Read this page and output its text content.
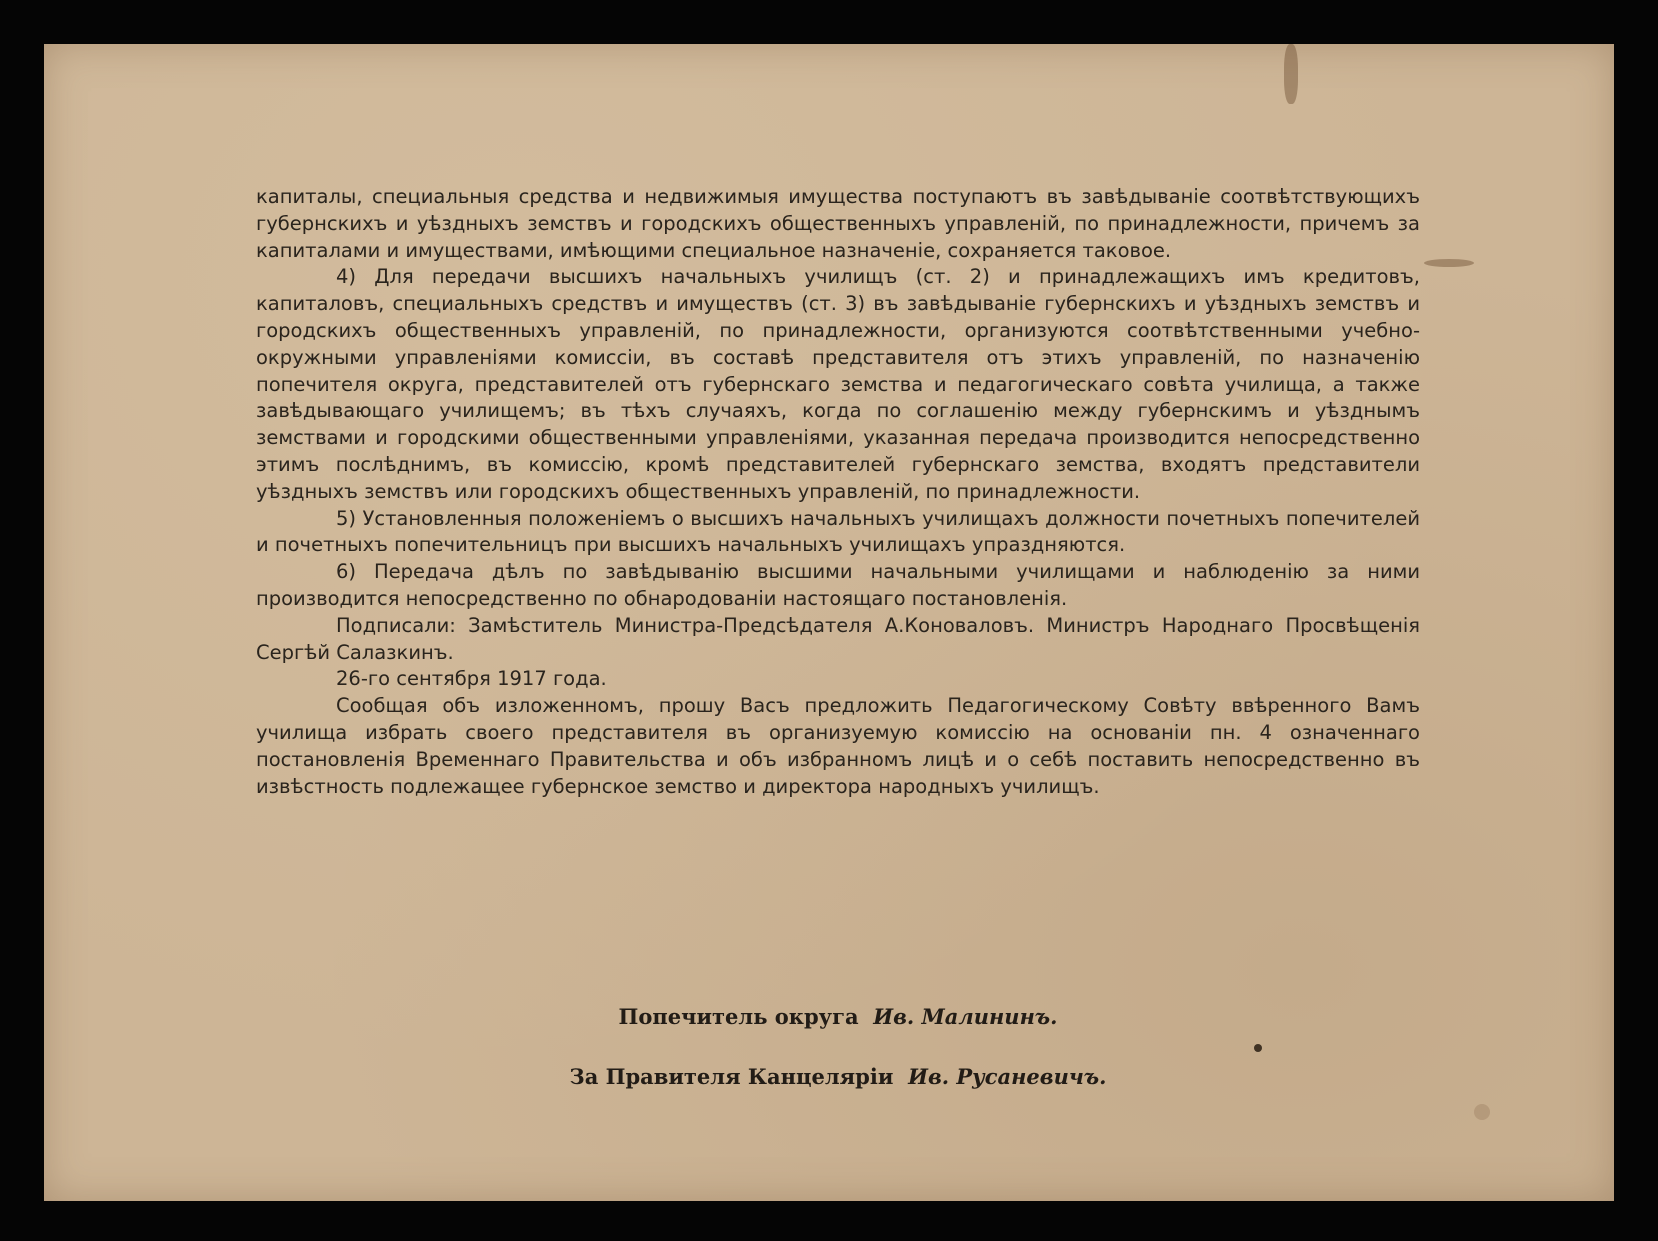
капиталы, специальныя средства и недвижимыя имущества поступаютъ въ завѣдываніе соотвѣтствующихъ губернскихъ и уѣздныхъ земствъ и городскихъ общественныхъ управленій, по принадлежности, причемъ за капиталами и имуществами, имѣющими специальное назначеніе, сохраняется таковое.

4) Для передачи высшихъ начальныхъ училищъ (ст. 2) и принадлежащихъ имъ кредитовъ, капиталовъ, специальныхъ средствъ и имуществъ (ст. 3) въ завѣдываніе губернскихъ и уѣздныхъ земствъ и городскихъ общественныхъ управленій, по принадлежности, организуются соотвѣтственными учебно-окружными управленіями комиссіи, въ составѣ представителя отъ этихъ управленій, по назначенію попечителя округа, представителей отъ губернскаго земства и педагогическаго совѣта училища, а также завѣдывающаго училищемъ; въ тѣхъ случаяхъ, когда по соглашенію между губернскимъ и уѣзднымъ земствами и городскими общественными управленіями, указанная передача производится непосредственно этимъ послѣднимъ, въ комиссію, кромѣ представителей губернскаго земства, входятъ представители уѣздныхъ земствъ или городскихъ общественныхъ управленій, по принадлежности.

5) Установленныя положеніемъ о высшихъ начальныхъ училищахъ должности почетныхъ попечителей и почетныхъ попечительницъ при высшихъ начальныхъ училищахъ упраздняются.

6) Передача дѣлъ по завѣдыванію высшими начальными училищами и наблюденію за ними производится непосредственно по обнародованіи настоящаго постановленія.

Подписали: Замѣститель Министра-Предсѣдателя А.Коноваловъ. Министръ Народнаго Просвѣщенія Сергѣй Салазкинъ.

26-го сентября 1917 года.

Сообщая объ изложенномъ, прошу Васъ предложить Педагогическому Совѣту ввѣренного Вамъ училища избрать своего представителя въ организуемую комиссію на основаніи пн. 4 означеннаго постановленія Временнаго Правительства и объ избранномъ лицѣ и о себѣ поставить непосредственно въ извѣстность подлежащее губернское земство и директора народныхъ училищъ.

Попечитель округа Ив. Малининъ.
За Правителя Канцеляріи Ив. Русаневичъ.
